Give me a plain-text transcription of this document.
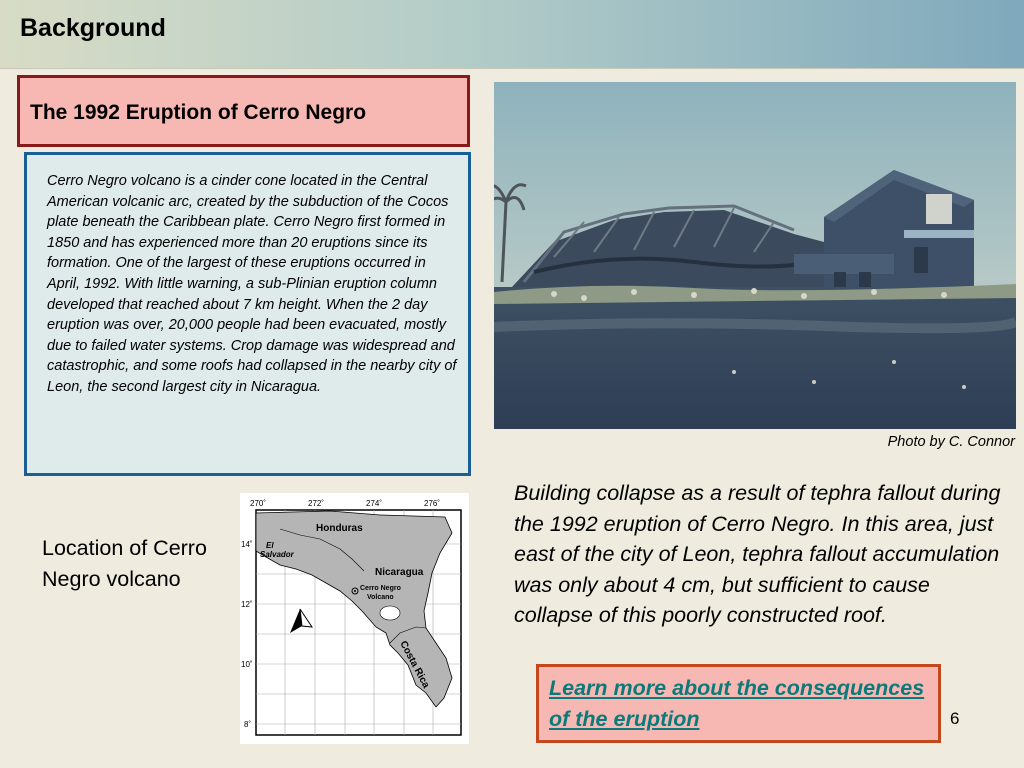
Background
The 1992 Eruption of Cerro Negro

Cerro Negro volcano is a cinder cone located in the Central American volcanic arc, created by the subduction of the Cocos plate beneath the Caribbean plate. Cerro Negro first formed in 1850 and has experienced more than 20 eruptions since its formation. One of the largest of these eruptions occurred in April, 1992. With little warning, a sub-Plinian eruption column developed that reached about 7 km height. When the 2 day eruption was over, 20,000 people had been evacuated, mostly due to failed water systems. Crop damage was widespread and catastrophic, and some roofs had collapsed in the nearby city of Leon, the second largest city in Nicaragua.

Photo by C. Connor
Building collapse as a result of tephra fallout during the 1992 eruption of Cerro Negro. In this area, just east of the city of Leon, tephra fallout accumulation was only about 4 cm, but sufficient to cause collapse of this poorly constructed roof.
Location of Cerro Negro volcano
270˚	272˚	274˚	276˚
14˚
12˚
10˚
8˚
Honduras
El
Salvador
Nicaragua
Costa Rica
Cerro Negro
Volcano
Learn more about the consequences of the eruption	6
